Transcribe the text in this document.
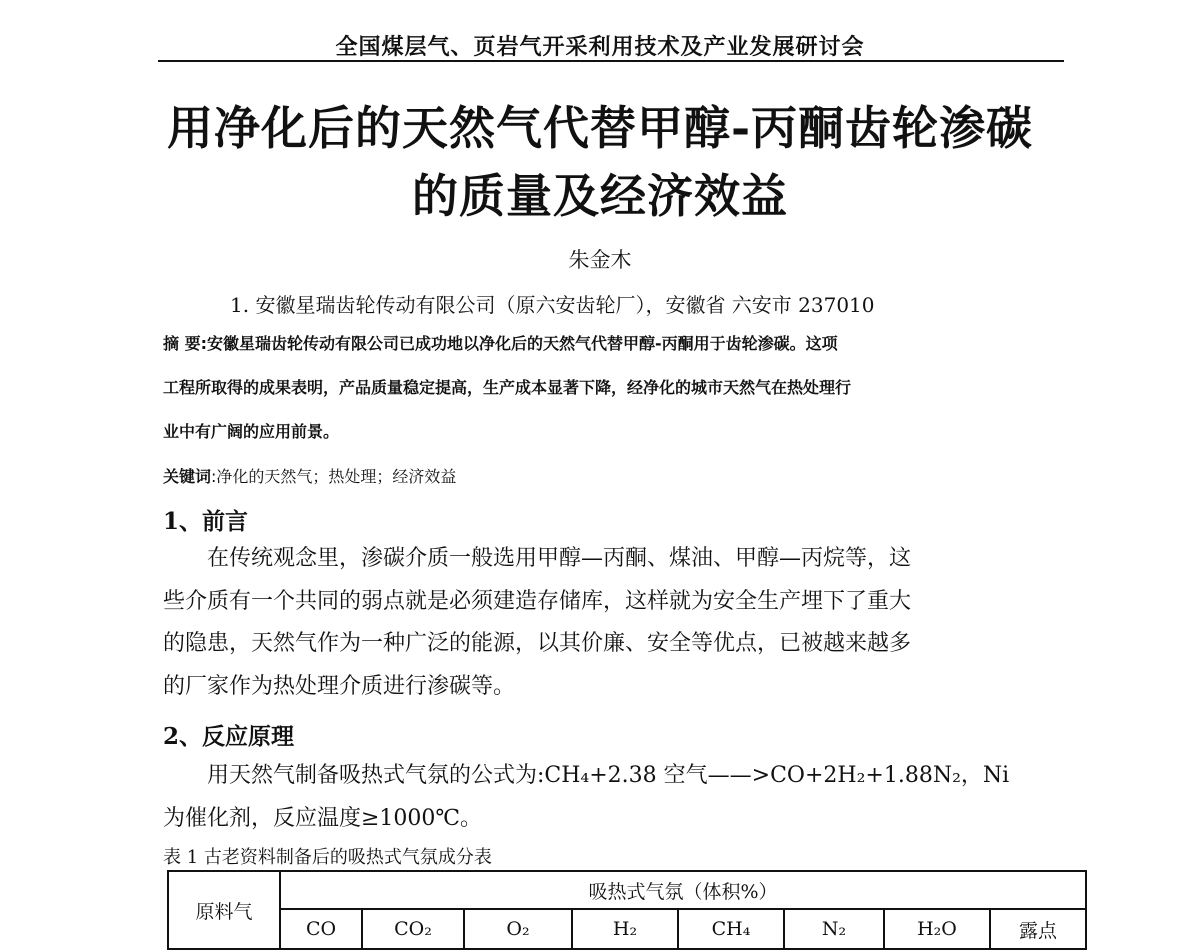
全国煤层气、页岩气开采利用技术及产业发展研讨会
用净化后的天然气代替甲醇-丙酮齿轮渗碳
的质量及经济效益
朱金木
1. 安徽星瑞齿轮传动有限公司（原六安齿轮厂），安徽省 六安市 237010

摘 要:安徽星瑞齿轮传动有限公司已成功地以净化后的天然气代替甲醇-丙酮用于齿轮渗碳。这项

工程所取得的成果表明，产品质量稳定提高，生产成本显著下降，经净化的城市天然气在热处理行

业中有广阔的应用前景。

关键词:净化的天然气；热处理；经济效益
1、前言

　　在传统观念里，渗碳介质一般选用甲醇—丙酮、煤油、甲醇—丙烷等，这

些介质有一个共同的弱点就是必须建造存储库，这样就为安全生产埋下了重大

的隐患，天然气作为一种广泛的能源，以其价廉、安全等优点，已被越来越多

的厂家作为热处理介质进行渗碳等。

2、反应原理

　　用天然气制备吸热式气氛的公式为:CH₄+2.38 空气——>CO+2H₂+1.88N₂，Ni

为催化剂，反应温度≥1000℃。

表 1 古老资料制备后的吸热式气氛成分表
原料气	吸热式气氛（体积%）							
	CO	CO₂	O₂	H₂	CH₄	N₂	H₂O	露点
